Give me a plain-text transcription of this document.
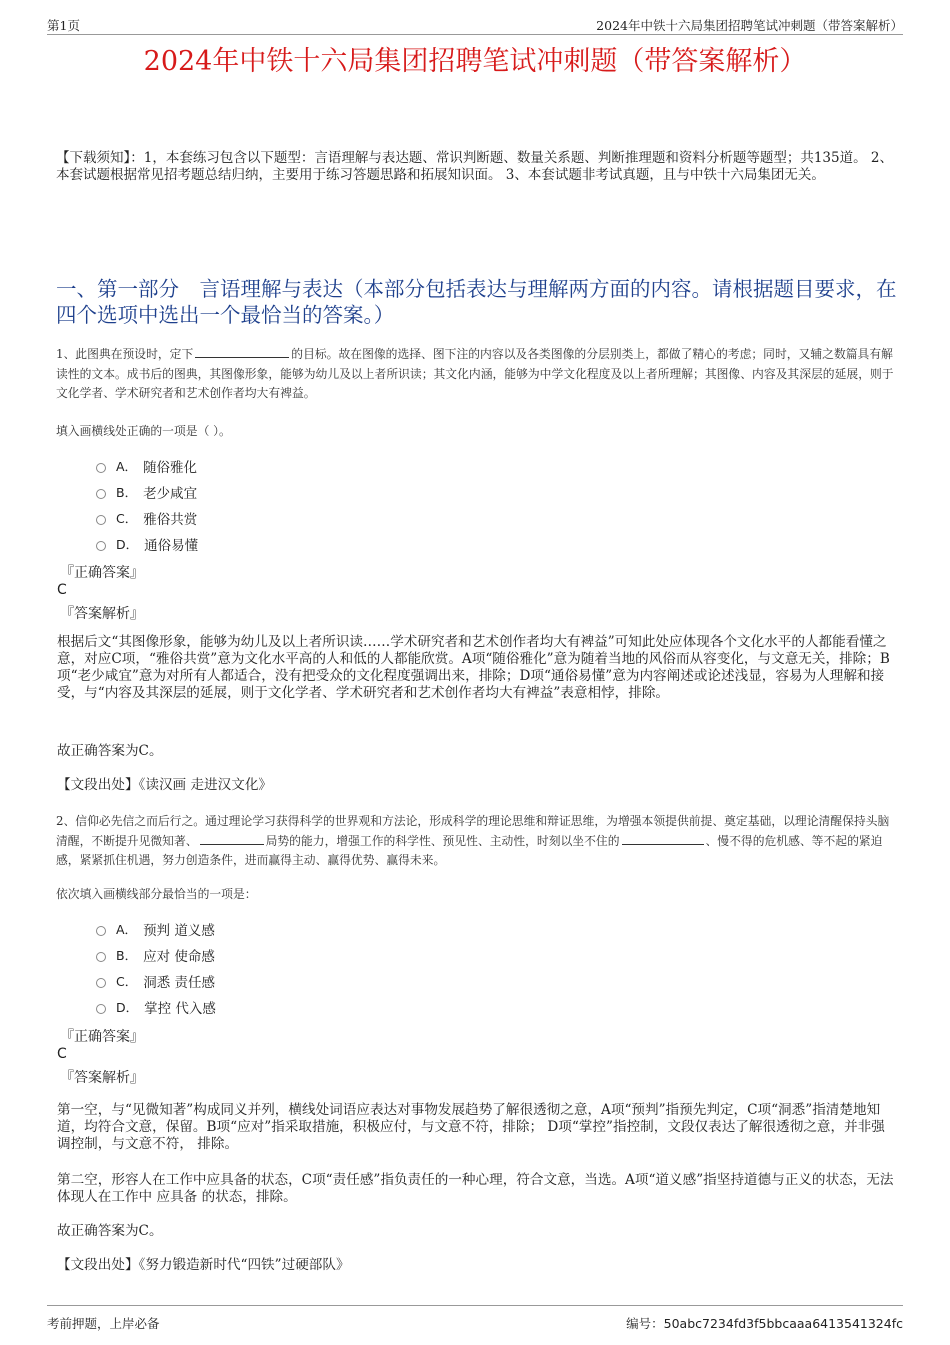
第1页	2024年中铁十六局集团招聘笔试冲刺题（带答案解析）
2024年中铁十六局集团招聘笔试冲刺题（带答案解析）
【下载须知】：1，本套练习包含以下题型：言语理解与表达题、常识判断题、数量关系题、判断推理题和资料分析题等题型；共135道。 2、本套试题根据常见招考题总结归纳，主要用于练习答题思路和拓展知识面。 3、本套试题非考试真题，且与中铁十六局集团无关。
一、第一部分　言语理解与表达（本部分包括表达与理解两方面的内容。请根据题目要求，在四个选项中选出一个最恰当的答案。）
1、此图典在预设时，定下	的目标。故在图像的选择、图下注的内容以及各类图像的分层别类上，都做了精心的考虑；同时，又辅之数篇具有解读性的文本。成书后的图典，其图像形象，能够为幼儿及以上者所识读；其文化内涵，能够为中学文化程度及以上者所理解；其图像、内容及其深层的延展，则于文化学者、学术研究者和艺术创作者均大有裨益。
填入画横线处正确的一项是（ ）。
A． 随俗雅化
B． 老少咸宜
C． 雅俗共赏
D． 通俗易懂
『正确答案』
C
『答案解析』
根据后文“其图像形象，能够为幼儿及以上者所识读……学术研究者和艺术创作者均大有裨益”可知此处应体现各个文化水平的人都能看懂之意，对应C项，“雅俗共赏”意为文化水平高的人和低的人都能欣赏。A项“随俗雅化”意为随着当地的风俗而从容变化，与文意无关，排除；B项“老少咸宜”意为对所有人都适合，没有把受众的文化程度强调出来，排除；D项“通俗易懂”意为内容阐述或论述浅显，容易为人理解和接受，与“内容及其深层的延展，则于文化学者、学术研究者和艺术创作者均大有裨益”表意相悖，排除。
故正确答案为C。
【文段出处】《读汉画 走进汉文化》
2、信仰必先信之而后行之。通过理论学习获得科学的世界观和方法论，形成科学的理论思维和辩证思维，为增强本领提供前提、奠定基础，以理论清醒保持头脑清醒，不断提升见微知著、	局势的能力，增强工作的科学性、预见性、主动性，时刻以坐不住的	、慢不得的危机感、等不起的紧迫感，紧紧抓住机遇，努力创造条件，进而赢得主动、赢得优势、赢得未来。
依次填入画横线部分最恰当的一项是：
A． 预判 道义感
B． 应对 使命感
C． 洞悉 责任感
D． 掌控 代入感
『正确答案』
C
『答案解析』
第一空，与“见微知著”构成同义并列，横线处词语应表达对事物发展趋势了解很透彻之意，A项“预判”指预先判定，C项“洞悉”指清楚地知道，均符合文意，保留。B项“应对”指采取措施，积极应付，与文意不符，排除； D项“掌控”指控制，文段仅表达了解很透彻之意，并非强调控制，与文意不符， 排除。
第二空，形容人在工作中应具备的状态，C项“责任感”指负责任的一种心理，符合文意，当选。A项“道义感”指坚持道德与正义的状态，无法体现人在工作中 应具备 的状态，排除。
故正确答案为C。
【文段出处】《努力锻造新时代“四铁”过硬部队》
考前押题，上岸必备	编号：50abc7234fd3f5bbcaaa6413541324fc
